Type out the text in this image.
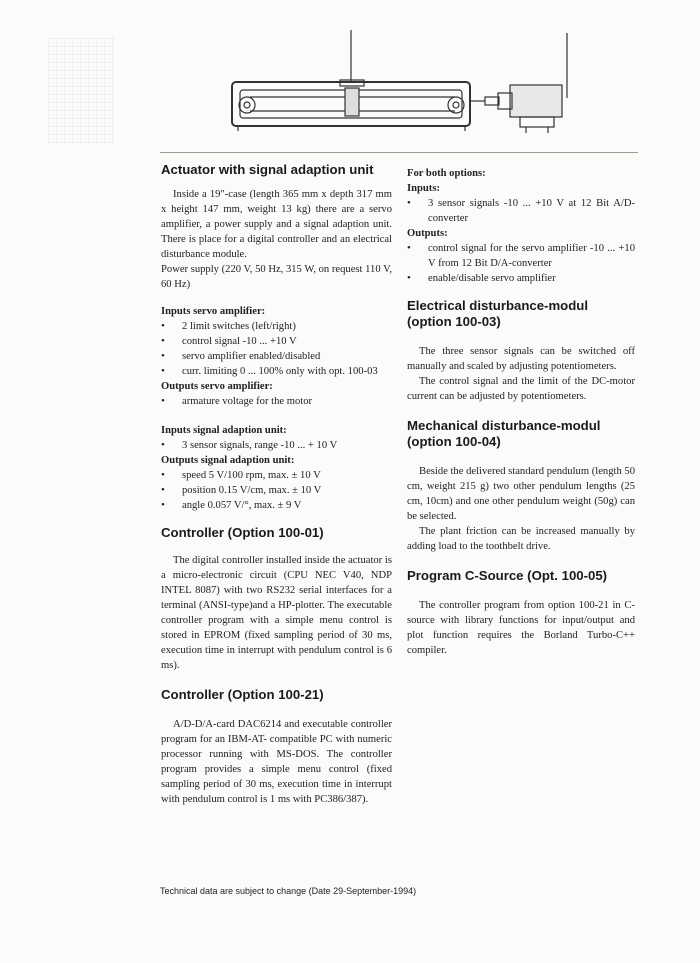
Actuator with signal adaption unit

Inside a 19"-case (length 365 mm x depth 317 mm x height 147 mm, weight 13 kg) there are a servo amplifier, a power supply and a signal adaption unit. There is place for a digital controller and an electrical disturbance module.

Power supply (220 V, 50 Hz, 315 W, on request 110 V, 60 Hz)

Inputs servo amplifier:
• 2 limit switches (left/right)
• control signal -10 ... +10 V
• servo amplifier enabled/disabled
• curr. limiting 0 ... 100% only with opt. 100-03
Outputs servo amplifier:
• armature voltage for the motor
Inputs signal adaption unit:
• 3 sensor signals, range -10 ... + 10 V
Outputs signal adaption unit:
• speed 5 V/100 rpm, max. ± 10 V
• position 0.15 V/cm, max. ± 10 V
• angle 0.057 V/°, max. ± 9 V
Controller (Option 100-01)

The digital controller installed inside the actuator is a micro-electronic circuit (CPU NEC V40, NDP INTEL 8087) with two RS232 serial interfaces for a terminal (ANSI-type)and a HP-plotter. The executable controller program with a simple menu control is stored in EPROM (fixed sampling period of 30 ms, execution time in interrupt with pendulum control is 6 ms).

Controller (Option 100-21)

A/D-D/A-card DAC6214 and executable controller program for an IBM-AT- compatible PC with numeric processor running with MS-DOS. The controller program provides a simple menu control (fixed sampling period of 30 ms, execution time in interrupt with pendulum control is 1 ms with PC386/387).

For both options:
Inputs:
• 3 sensor signals -10 ... +10 V at 12 Bit A/D-converter
Outputs:
• control signal for the servo amplifier -10 ... +10 V from 12 Bit D/A-converter
• enable/disable servo amplifier
Electrical disturbance-modul (option 100-03)

The three sensor signals can be switched off manually and scaled by adjusting potentiometers.

The control signal and the limit of the DC-motor current can be adjusted by potentiometers.

Mechanical disturbance-modul (option 100-04)

Beside the delivered standard pendulum (length 50 cm, weight 215 g) two other pendulum lengths (25 cm, 10cm) and one other pendulum weight (50g) can be selected.

The plant friction can be increased manually by adding load to the toothbelt drive.

Program C-Source (Opt. 100-05)

The controller program from option 100-21 in C-source with library functions for input/output and plot function requires the Borland Turbo-C++ compiler.

Technical data are subject to change (Date 29-September-1994)
